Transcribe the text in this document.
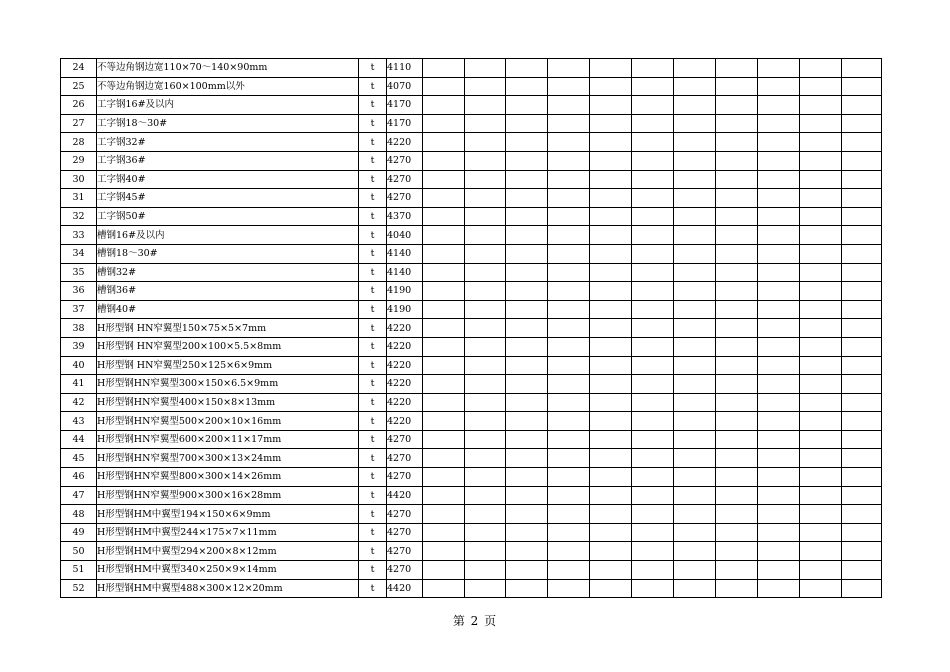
24	不等边角钢边宽110×70～140×90mm	t	4110											
25	不等边角钢边宽160×100mm以外	t	4070											
26	工字钢16#及以内	t	4170											
27	工字钢18～30#	t	4170											
28	工字钢32#	t	4220											
29	工字钢36#	t	4270											
30	工字钢40#	t	4270											
31	工字钢45#	t	4270											
32	工字钢50#	t	4370											
33	槽钢16#及以内	t	4040											
34	槽钢18～30#	t	4140											
35	槽钢32#	t	4140											
36	槽钢36#	t	4190											
37	槽钢40#	t	4190											
38	H形型钢 HN窄翼型150×75×5×7mm	t	4220											
39	H形型钢 HN窄翼型200×100×5.5×8mm	t	4220											
40	H形型钢 HN窄翼型250×125×6×9mm	t	4220											
41	H形型钢HN窄翼型300×150×6.5×9mm	t	4220											
42	H形型钢HN窄翼型400×150×8×13mm	t	4220											
43	H形型钢HN窄翼型500×200×10×16mm	t	4220											
44	H形型钢HN窄翼型600×200×11×17mm	t	4270											
45	H形型钢HN窄翼型700×300×13×24mm	t	4270											
46	H形型钢HN窄翼型800×300×14×26mm	t	4270											
47	H形型钢HN窄翼型900×300×16×28mm	t	4420											
48	H形型钢HM中翼型194×150×6×9mm	t	4270											
49	H形型钢HM中翼型244×175×7×11mm	t	4270											
50	H形型钢HM中翼型294×200×8×12mm	t	4270											
51	H形型钢HM中翼型340×250×9×14mm	t	4270											
52	H形型钢HM中翼型488×300×12×20mm	t	4420											
第 2 页
